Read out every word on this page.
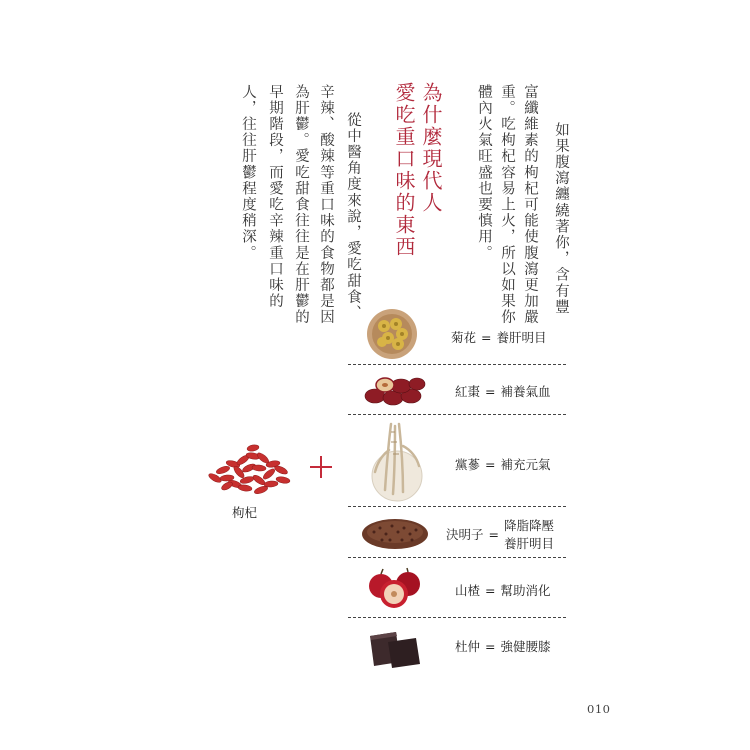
如果腹瀉纏繞著你，含有豐
富纖維素的枸杞可能使腹瀉更加嚴
重。吃枸杞容易上火，所以如果你
體內火氣旺盛也要慎用。
為什麼現代人
愛吃重口味的東西
從中醫角度來說，愛吃甜食、
辛辣、酸辣等重口味的食物都是因
為肝鬱。愛吃甜食往往是在肝鬱的
早期階段，而愛吃辛辣重口味的
人，往往肝鬱程度稍深。
枸杞
菊花 = 養肝明目
紅棗 = 補養氣血
黨蔘 = 補充元氣
決明子 =
降脂降壓
養肝明目
山楂 = 幫助消化
杜仲 = 強健腰膝
010
